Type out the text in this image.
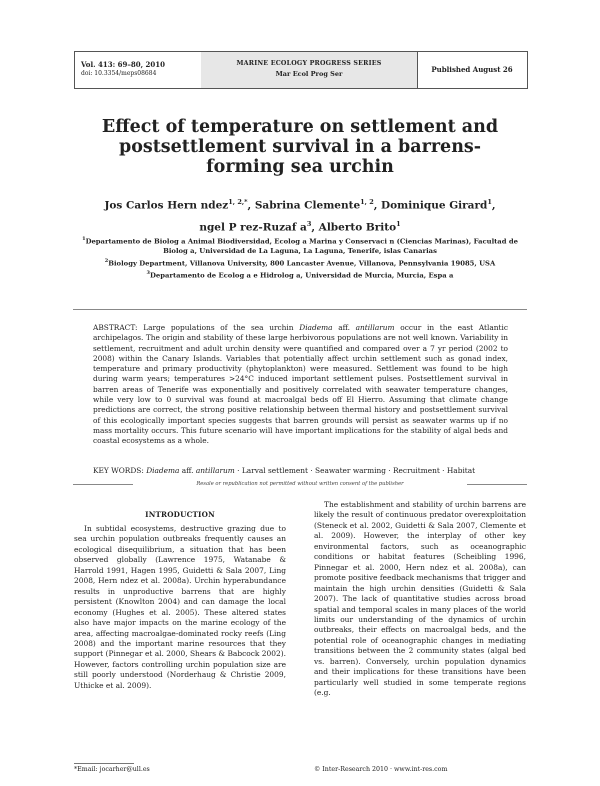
Vol. 413: 69–80, 2010
doi: 10.3354/meps08684
MARINE ECOLOGY PROGRESS SERIES
Mar Ecol Prog Ser	Published August 26
Effect of temperature on settlement and postsettlement survival in a barrens-forming sea urchin
Jos Carlos Hern ndez$^{1, 2,*}$, Sabrina Clemente$^{1, 2}$, Dominique Girard$^1$,
ngel P rez-Ruzaf $a^3$, Alberto Brito$^1$
$^1$Departamento de Biolog a Animal Biodiversidad, Ecolog a Marina y Conservaci n (Ciencias Marinas), Facultad de Biolog a, Universidad de La Laguna, La Laguna, Tenerife, islas Canarias
$^2$Biology Department, Villanova University, 800 Lancaster Avenue, Villanova, Pennsylvania 19085, USA
$^3$Departamento de Ecolog a e Hidrolog a, Universidad de Murcia, Murcia, Espa a
ABSTRACT: Large populations of the sea urchin Diadema aff. antillarum occur in the east Atlantic archipelagos. The origin and stability of these large herbivorous populations are not well known. Variability in settlement, recruitment and adult urchin density were quantified and compared over a 7 yr period (2002 to 2008) within the Canary Islands. Variables that potentially affect urchin settlement such as gonad index, temperature and primary productivity (phytoplankton) were measured. Settlement was found to be high during warm years; temperatures >24°C induced important settlement pulses. Postsettlement survival in barren areas of Tenerife was exponentially and positively correlated with seawater temperature changes, while very low to 0 survival was found at macroalgal beds off El Hierro. Assuming that climate change predictions are correct, the strong positive relationship between thermal history and postsettlement survival of this ecologically important species suggests that barren grounds will persist as seawater warms up if no mass mortality occurs. This future scenario will have important implications for the stability of algal beds and coastal ecosystems as a whole.
KEY WORDS: Diadema aff. antillarum · Larval settlement · Seawater warming · Recruitment · Habitat
Resale or republication not permitted without written consent of the publisher
INTRODUCTION

In subtidal ecosystems, destructive grazing due to sea urchin population outbreaks frequently causes an ecological disequilibrium, a situation that has been observed globally (Lawrence 1975, Watanabe & Harrold 1991, Hagen 1995, Guidetti & Sala 2007, Ling 2008, Hern ndez et al. 2008a). Urchin hyperabundance results in unproductive barrens that are highly persistent (Knowlton 2004) and can damage the local economy (Hughes et al. 2005). These altered states also have major impacts on the marine ecology of the area, affecting macroalgae-dominated rocky reefs (Ling 2008) and the important marine resources that they support (Pinnegar et al. 2000, Shears & Babcock 2002). However, factors controlling urchin population size are still poorly understood (Norderhaug & Christie 2009, Uthicke et al. 2009).

The establishment and stability of urchin barrens are likely the result of continuous predator overexploitation (Steneck et al. 2002, Guidetti & Sala 2007, Clemente et al. 2009). However, the interplay of other key environmental factors, such as oceanographic conditions or habitat features (Scheibling 1996, Pinnegar et al. 2000, Hern ndez et al. 2008a), can promote positive feedback mechanisms that trigger and maintain the high urchin densities (Guidetti & Sala 2007). The lack of quantitative studies across broad spatial and temporal scales in many places of the world limits our understanding of the dynamics of urchin outbreaks, their effects on macroalgal beds, and the potential role of oceanographic changes in mediating transitions between the 2 community states (algal bed vs. barren). Conversely, urchin population dynamics and their implications for these transitions have been particularly well studied in some temperate regions (e.g.

*Email: jocarher@ull.es	© Inter-Research 2010 · www.int-res.com
